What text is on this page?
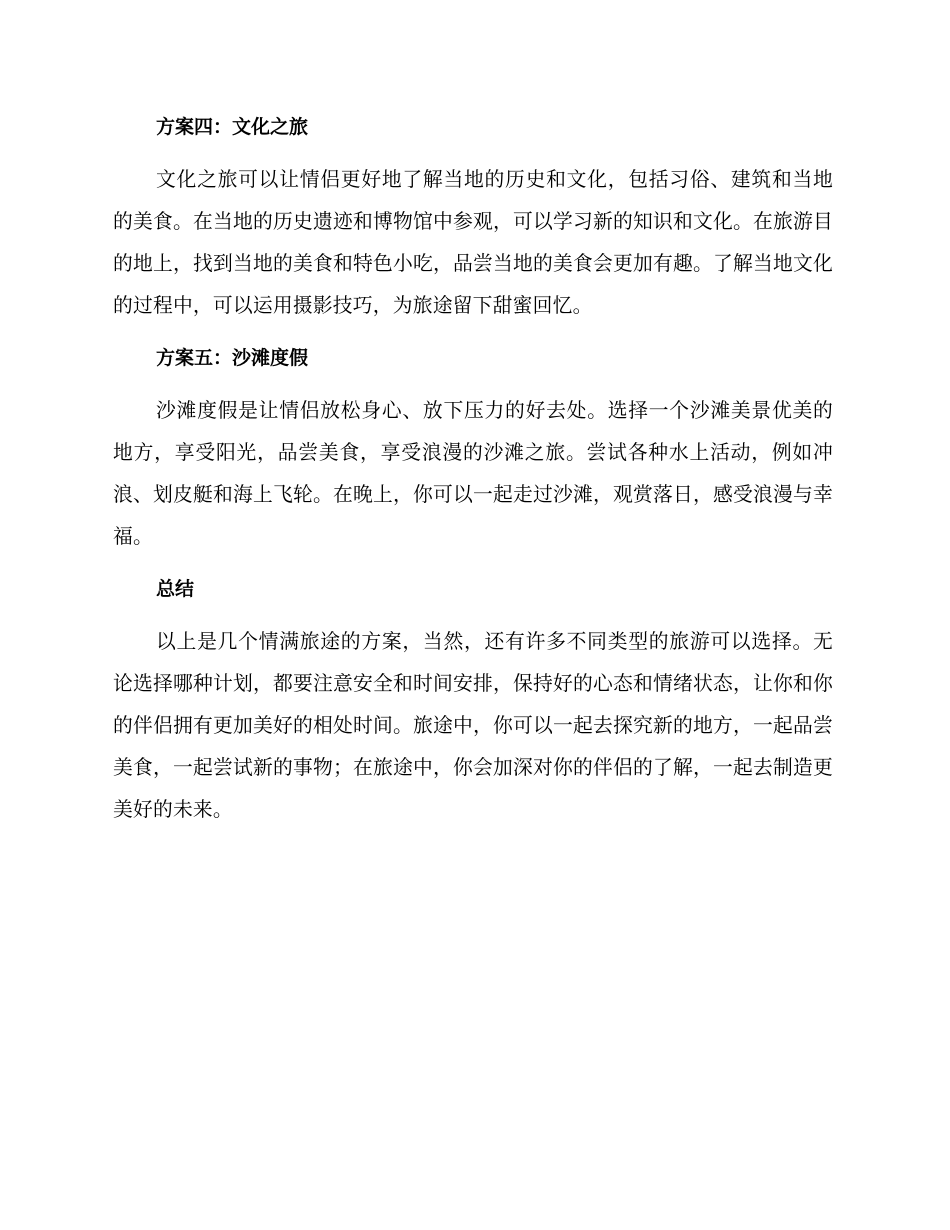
方案四：文化之旅

文化之旅可以让情侣更好地了解当地的历史和文化，包括习俗、建筑和当地的美食。在当地的历史遗迹和博物馆中参观，可以学习新的知识和文化。在旅游目的地上，找到当地的美食和特色小吃，品尝当地的美食会更加有趣。了解当地文化的过程中，可以运用摄影技巧，为旅途留下甜蜜回忆。

方案五：沙滩度假

沙滩度假是让情侣放松身心、放下压力的好去处。选择一个沙滩美景优美的地方，享受阳光，品尝美食，享受浪漫的沙滩之旅。尝试各种水上活动，例如冲浪、划皮艇和海上飞轮。在晚上，你可以一起走过沙滩，观赏落日，感受浪漫与幸福。

总结

以上是几个情满旅途的方案，当然，还有许多不同类型的旅游可以选择。无论选择哪种计划，都要注意安全和时间安排，保持好的心态和情绪状态，让你和你的伴侣拥有更加美好的相处时间。旅途中，你可以一起去探究新的地方，一起品尝美食，一起尝试新的事物；在旅途中，你会加深对你的伴侣的了解，一起去制造更美好的未来。
